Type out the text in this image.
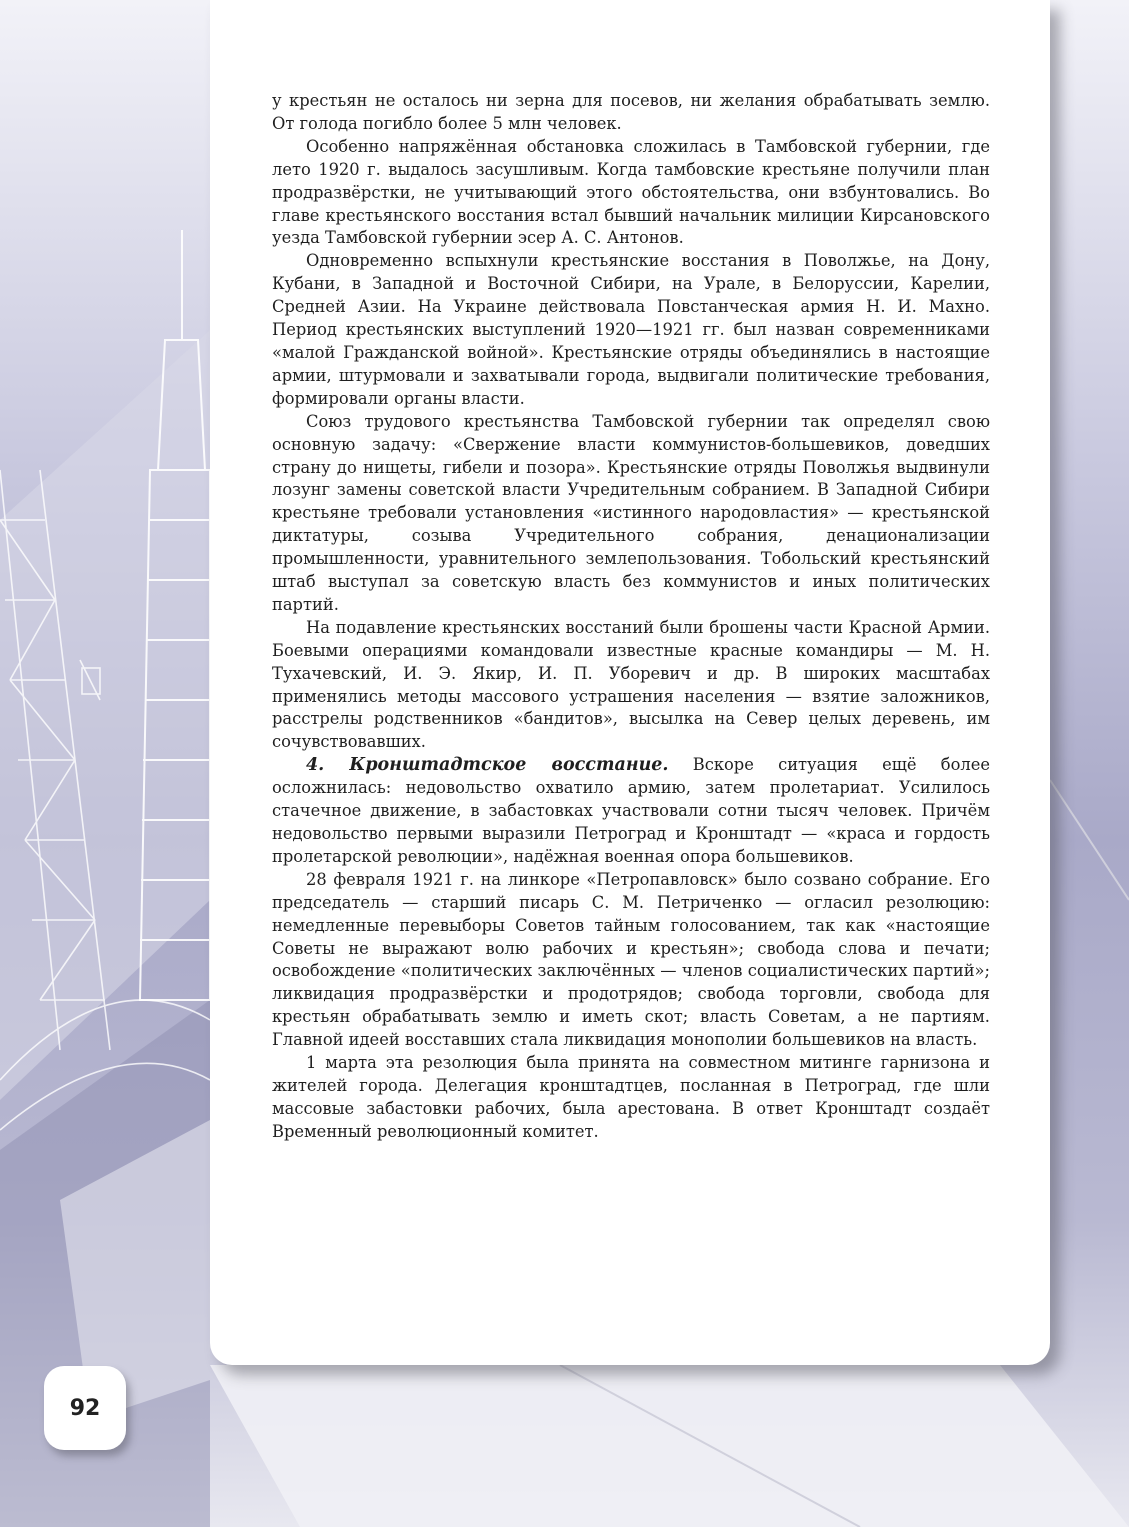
у крестьян не осталось ни зерна для посевов, ни желания обрабатывать землю. От голода погибло более 5 млн человек.

Особенно напряжённая обстановка сложилась в Тамбовской губернии, где лето 1920 г. выдалось засушливым. Когда тамбовские крестьяне получили план продразвёрстки, не учитывающий этого обстоятельства, они взбунтовались. Во главе крестьянского восстания встал бывший начальник милиции Кирсановского уезда Тамбовской губернии эсер А. С. Антонов.

Одновременно вспыхнули крестьянские восстания в Поволжье, на Дону, Кубани, в Западной и Восточной Сибири, на Урале, в Белоруссии, Карелии, Средней Азии. На Украине действовала Повстанческая армия Н. И. Махно. Период крестьянских выступлений 1920—1921 гг. был назван современниками «малой Гражданской войной». Крестьянские отряды объединялись в настоящие армии, штурмовали и захватывали города, выдвигали политические требования, формировали органы власти.

Союз трудового крестьянства Тамбовской губернии так определял свою основную задачу: «Свержение власти коммунистов-большевиков, доведших страну до нищеты, гибели и позора». Крестьянские отряды Поволжья выдвинули лозунг замены советской власти Учредительным собранием. В Западной Сибири крестьяне требовали установления «истинного народовластия» — крестьянской диктатуры, созыва Учредительного собрания, денационализации промышленности, уравнительного землепользования. Тобольский крестьянский штаб выступал за советскую власть без коммунистов и иных политических партий.

На подавление крестьянских восстаний были брошены части Красной Армии. Боевыми операциями командовали известные красные командиры — М. Н. Тухачевский, И. Э. Якир, И. П. Уборевич и др. В широких масштабах применялись методы массового устрашения населения — взятие заложников, расстрелы родственников «бандитов», высылка на Север целых деревень, им сочувствовавших.

4. Кронштадтское восстание. Вскоре ситуация ещё более осложнилась: недовольство охватило армию, затем пролетариат. Усилилось стачечное движение, в забастовках участвовали сотни тысяч человек. Причём недовольство первыми выразили Петроград и Кронштадт — «краса и гордость пролетарской революции», надёжная военная опора большевиков.

28 февраля 1921 г. на линкоре «Петропавловск» было созвано собрание. Его председатель — старший писарь С. М. Петриченко — огласил резолюцию: немедленные перевыборы Советов тайным голосованием, так как «настоящие Советы не выражают волю рабочих и крестьян»; свобода слова и печати; освобождение «политических заключённых — членов социалистических партий»; ликвидация продразвёрстки и продотрядов; свобода торговли, свобода для крестьян обрабатывать землю и иметь скот; власть Советам, а не партиям. Главной идеей восставших стала ликвидация монополии большевиков на власть.

1 марта эта резолюция была принята на совместном митинге гарнизона и жителей города. Делегация кронштадтцев, посланная в Петроград, где шли массовые забастовки рабочих, была арестована. В ответ Кронштадт создаёт Временный революционный комитет.

92
